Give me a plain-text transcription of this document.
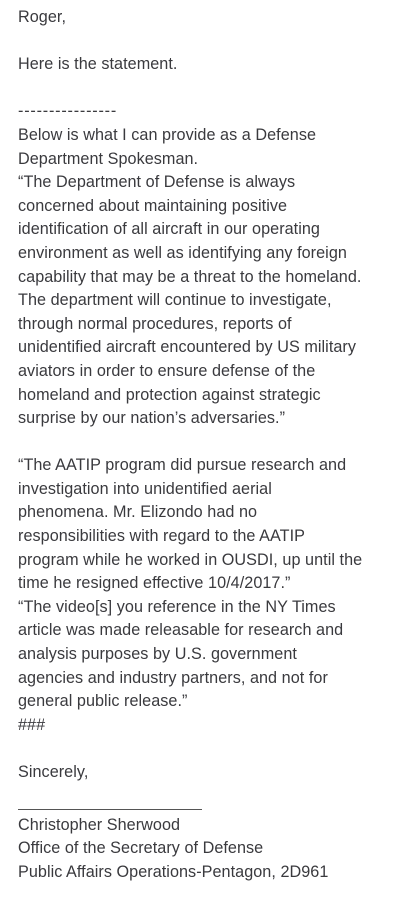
Roger,
Here is the statement.
----------------
Below is what I can provide as a Defense
Department Spokesman.
“The Department of Defense is always
concerned about maintaining positive
identification of all aircraft in our operating
environment as well as identifying any foreign
capability that may be a threat to the homeland.
The department will continue to investigate,
through normal procedures, reports of
unidentified aircraft encountered by US military
aviators in order to ensure defense of the
homeland and protection against strategic
surprise by our nation’s adversaries.”
“The AATIP program did pursue research and
investigation into unidentified aerial
phenomena. Mr. Elizondo had no
responsibilities with regard to the AATIP
program while he worked in OUSDI, up until the
time he resigned effective 10/4/2017.”
“The video[s] you reference in the NY Times
article was made releasable for research and
analysis purposes by U.S. government
agencies and industry partners, and not for
general public release.”
###
Sincerely,
Christopher Sherwood
Office of the Secretary of Defense
Public Affairs Operations-Pentagon, 2D961
